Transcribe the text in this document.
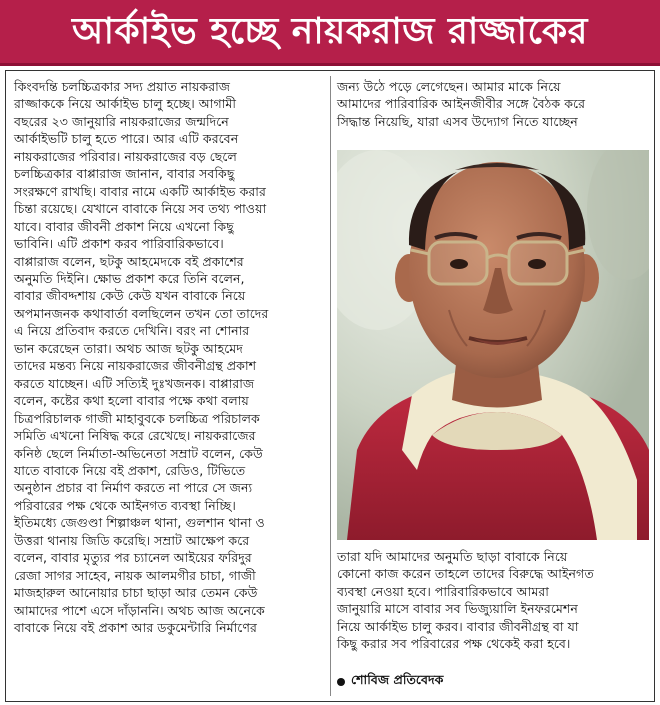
আর্কাইভ হচ্ছে নায়করাজ রাজ্জাকের

কিংবদন্তি চলচ্চিত্রকার সদ্য প্রয়াত নায়করাজ

রাজ্জাককে নিয়ে আর্কাইভ চালু হচ্ছে। আগামী

বছরের ২৩ জানুয়ারি নায়করাজের জন্মদিনে

আর্কাইভটি চালু হতে পারে। আর এটি করবেন

নায়করাজের পরিবার। নায়করাজের বড় ছেলে

চলচ্চিত্রকার বাপ্পারাজ জানান, বাবার সবকিছু

সংরক্ষণে রাখছি। বাবার নামে একটি আর্কাইভ করার

চিন্তা রয়েছে। যেখানে বাবাকে নিয়ে সব তথ্য পাওয়া

যাবে। বাবার জীবনী প্রকাশ নিয়ে এখনো কিছু

ভাবিনি। এটি প্রকাশ করব পারিবারিকভাবে।

বাপ্পারাজ বলেন, ছটকু আহমেদকে বই প্রকাশের

অনুমতি দিইনি। ক্ষোভ প্রকাশ করে তিনি বলেন,

বাবার জীবদ্দশায় কেউ কেউ যখন বাবাকে নিয়ে

অপমানজনক কথাবার্তা বলছিলেন তখন তো তাদের

এ নিয়ে প্রতিবাদ করতে দেখিনি। বরং না শোনার

ভান করেছেন তারা। অথচ আজ ছটকু আহমেদ

তাদের মন্তব্য নিয়ে নায়করাজের জীবনীগ্রন্থ প্রকাশ

করতে যাচ্ছেন। এটি সত্যিই দুঃখজনক। বাপ্পারাজ

বলেন, কষ্টের কথা হলো বাবার পক্ষে কথা বলায়

চিত্রপরিচালক গাজী মাহাবুবকে চলচ্চিত্র পরিচালক

সমিতি এখনো নিষিদ্ধ করে রেখেছে। নায়করাজের

কনিষ্ঠ ছেলে নির্মাতা-অভিনেতা সম্রাট বলেন, কেউ

যাতে বাবাকে নিয়ে বই প্রকাশ, রেডিও, টিভিতে

অনুষ্ঠান প্রচার বা নির্মাণ করতে না পারে সে জন্য

পরিবারের পক্ষ থেকে আইনগত ব্যবস্থা নিচ্ছি।

ইতিমধ্যে জেগুণ্ডা শিল্পাঞ্চল থানা, গুলশান থানা ও

উত্তরা থানায় জিডি করেছি। সম্রাট আক্ষেপ করে

বলেন, বাবার মৃত্যুর পর চ্যানেল আইয়ের ফরিদুর

রেজা সাগর সাহেব, নায়ক আলমগীর চাচা, গাজী

মাজহারুল আনোয়ার চাচা ছাড়া আর তেমন কেউ

আমাদের পাশে এসে দাঁড়াননি। অথচ আজ অনেকে

বাবাকে নিয়ে বই প্রকাশ আর ডকুমেন্টারি নির্মাণের

জন্য উঠে পড়ে লেগেছেন। আমার মাকে নিয়ে

আমাদের পারিবারিক আইনজীবীর সঙ্গে বৈঠক করে

সিদ্ধান্ত নিয়েছি, যারা এসব উদ্যোগ নিতে যাচ্ছেন

তারা যদি আমাদের অনুমতি ছাড়া বাবাকে নিয়ে

কোনো কাজ করেন তাহলে তাদের বিরুদ্ধে আইনগত

ব্যবস্থা নেওয়া হবে। পারিবারিকভাবে আমরা

জানুয়ারি মাসে বাবার সব ভিজ্যুয়ালি ইনফরমেশন

নিয়ে আর্কাইভ চালু করব। বাবার জীবনীগ্রন্থ বা যা

কিছু করার সব পরিবারের পক্ষ থেকেই করা হবে।

শোবিজ প্রতিবেদক
